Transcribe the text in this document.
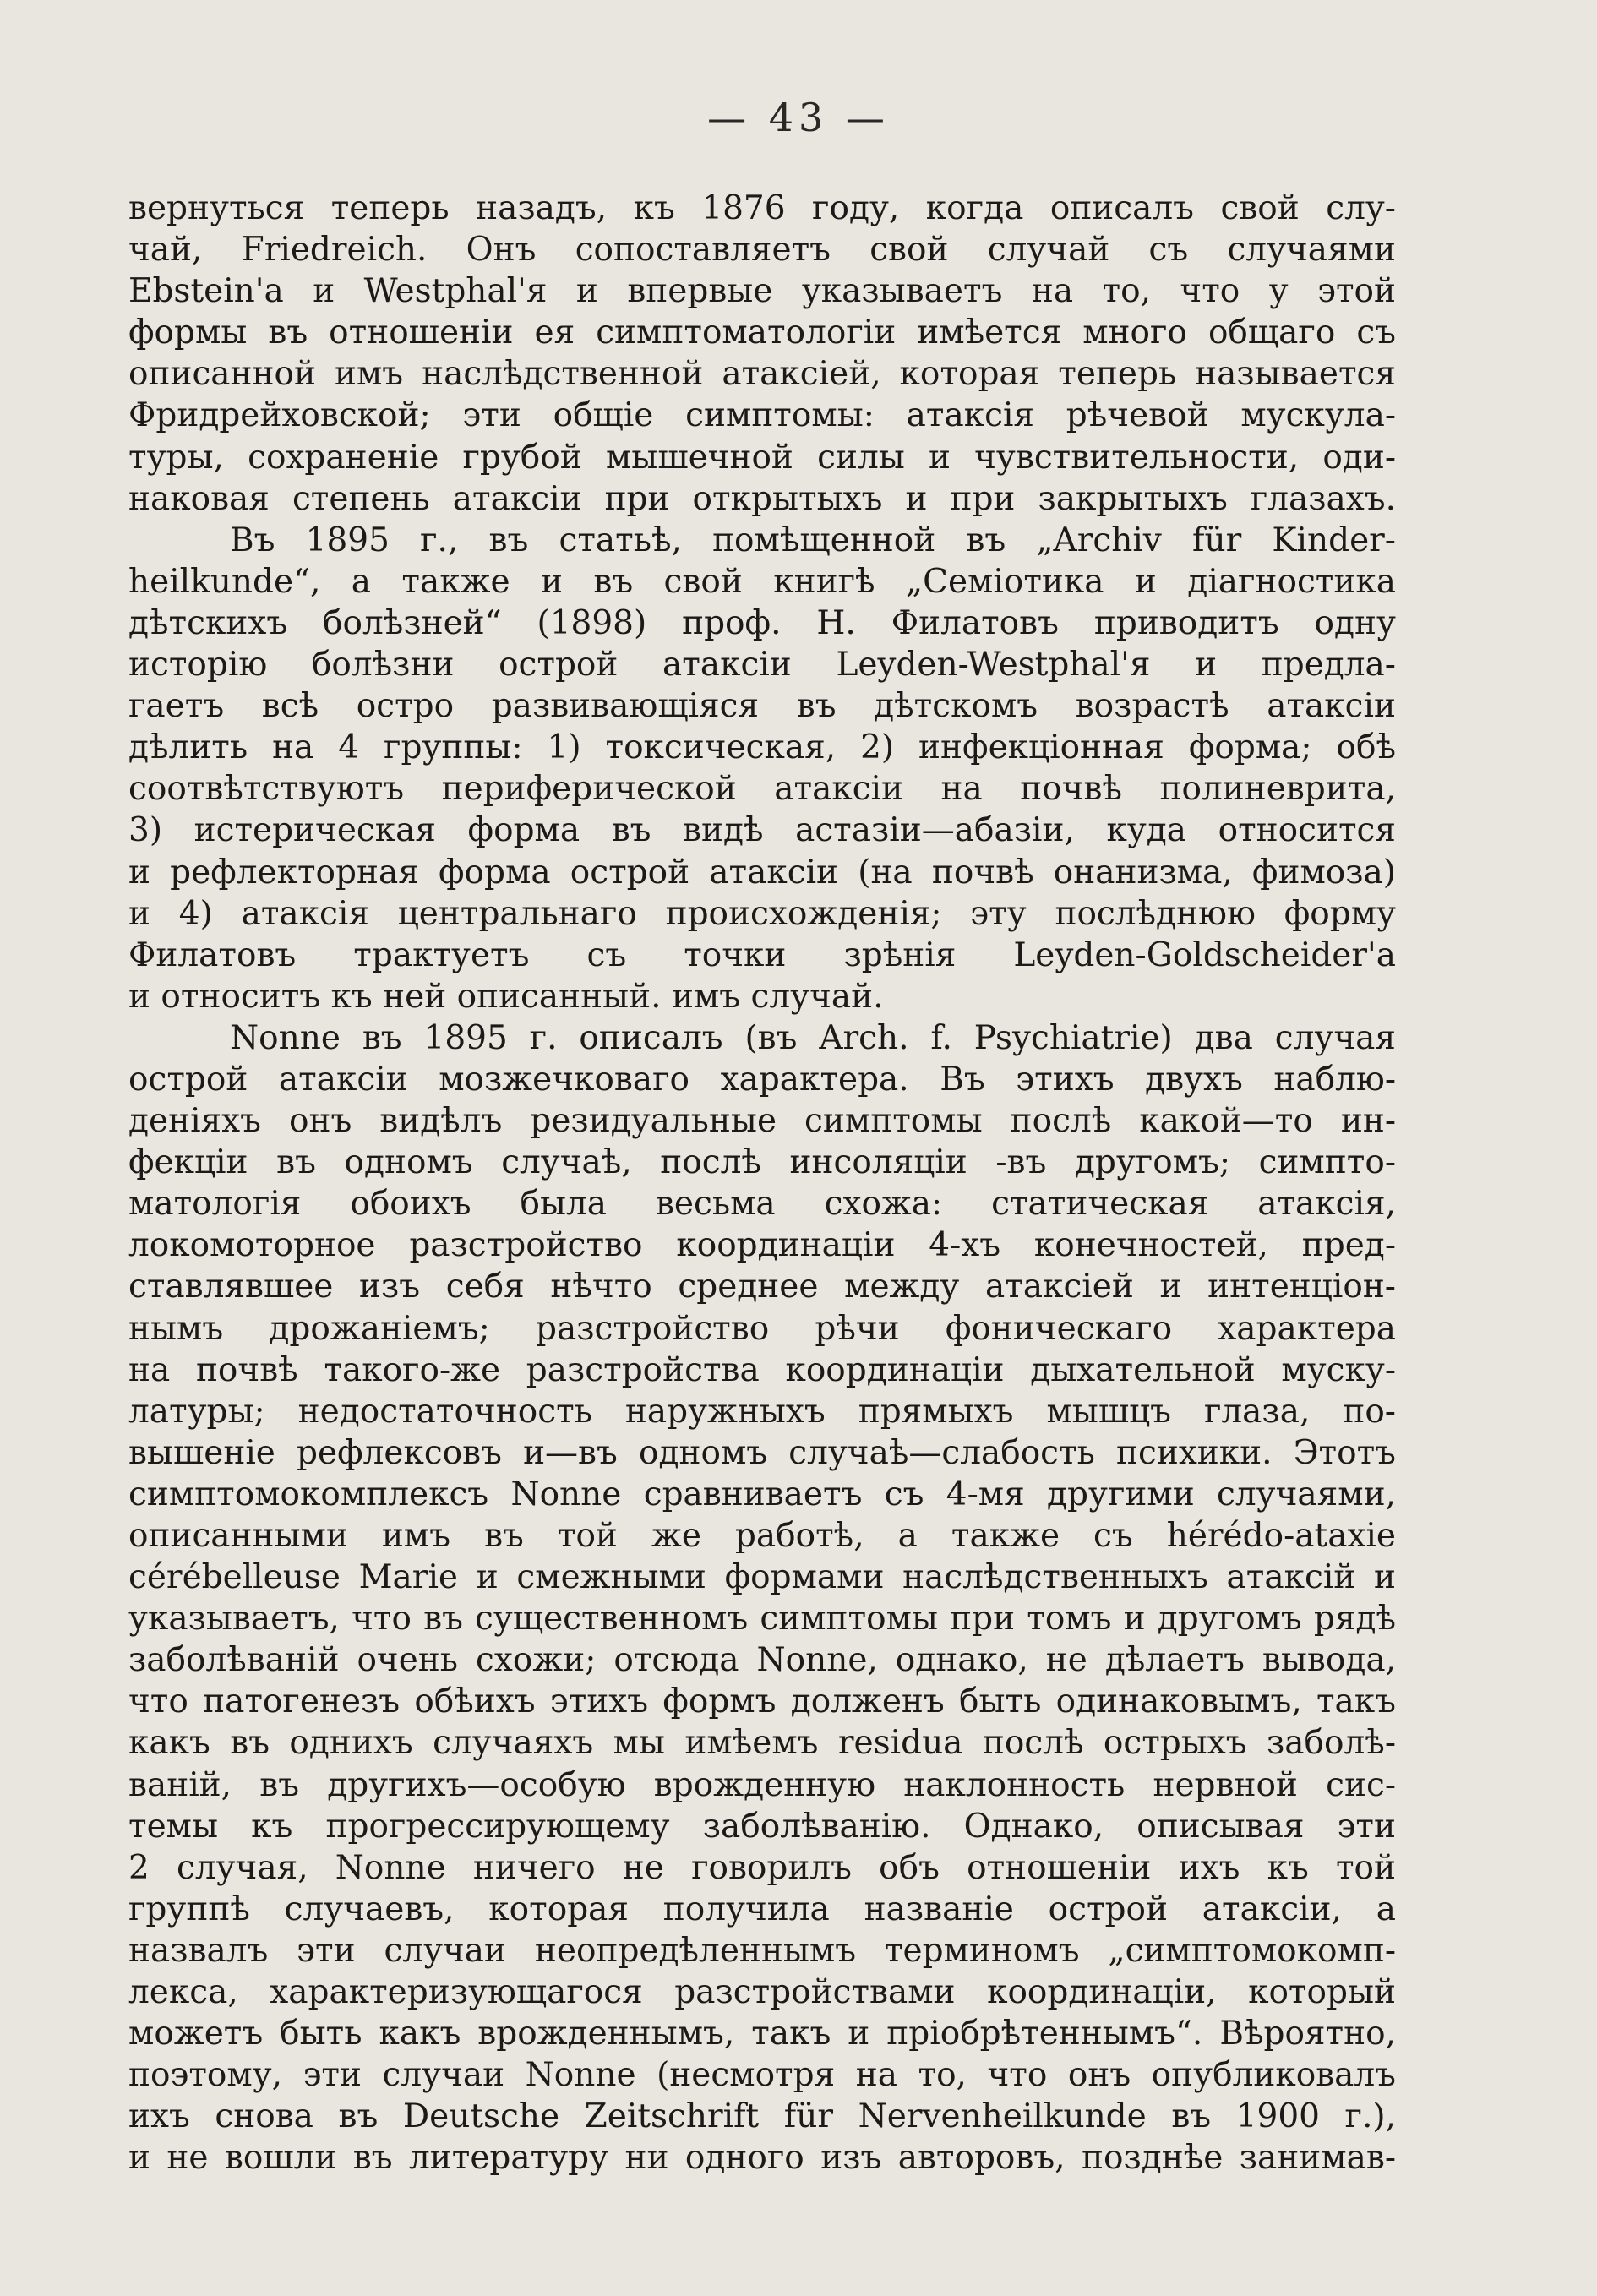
— 43 —
вернуться теперь назадъ, къ 1876 году, когда описалъ свой слу-
чай, Friedreich. Онъ сопоставляетъ свой случай съ случаями
Ebstein'a и Westphal'я и впервые указываетъ на то, что у этой
формы въ отношеніи ея симптоматологіи имѣется много общаго съ
описанной имъ наслѣдственной атаксіей, которая теперь называется
Фридрейховской; эти общіе симптомы: атаксія рѣчевой мускула-
туры, сохраненіе грубой мышечной силы и чувствительности, оди-
наковая степень атаксіи при открытыхъ и при закрытыхъ глазахъ.
Въ 1895 г., въ статьѣ, помѣщенной въ „Archiv für Kinder-
heilkunde“, а также и въ свой книгѣ „Семіотика и діагностика
дѣтскихъ болѣзней“ (1898) проф. Н. Филатовъ приводитъ одну
исторію болѣзни острой атаксіи Leyden-Westphal'я и предла-
гаетъ всѣ остро развивающіяся въ дѣтскомъ возрастѣ атаксіи
дѣлить на 4 группы: 1) токсическая, 2) инфекціонная форма; обѣ
соотвѣтствуютъ периферической атаксіи на почвѣ полиневрита,
3) истерическая форма въ видѣ астазіи—абазіи, куда относится
и рефлекторная форма острой атаксіи (на почвѣ онанизма, фимоза)
и 4) атаксія центральнаго происхожденія; эту послѣднюю форму
Филатовъ трактуетъ съ точки зрѣнія Leyden-Goldscheider'а
и относитъ къ ней описанный. имъ случай.
Nonne въ 1895 г. описалъ (въ Arch. f. Psychiatrie) два случая
острой атаксіи мозжечковаго характера. Въ этихъ двухъ наблю-
деніяхъ онъ видѣлъ резидуальные симптомы послѣ какой—то ин-
фекціи въ одномъ случаѣ, послѣ инсоляціи -въ другомъ; симпто-
матологія обоихъ была весьма схожа: статическая атаксія,
локомоторное разстройство координаціи 4-хъ конечностей, пред-
ставлявшее изъ себя нѣчто среднее между атаксіей и интенціон-
нымъ дрожаніемъ; разстройство рѣчи фоническаго характера
на почвѣ такого-же разстройства координаціи дыхательной муску-
латуры; недостаточность наружныхъ прямыхъ мышцъ глаза, по-
вышеніе рефлексовъ и—въ одномъ случаѣ—слабость психики. Этотъ
симптомокомплексъ Nonne сравниваетъ съ 4-мя другими случаями,
описанными имъ въ той же работѣ, а также съ hérédo-ataxie
cérébelleuse Marie и смежными формами наслѣдственныхъ атаксій и
указываетъ, что въ существенномъ симптомы при томъ и другомъ рядѣ
заболѣваній очень схожи; отсюда Nonne, однако, не дѣлаетъ вывода,
что патогенезъ обѣихъ этихъ формъ долженъ быть одинаковымъ, такъ
какъ въ однихъ случаяхъ мы имѣемъ residua послѣ острыхъ заболѣ-
ваній, въ другихъ—особую врожденную наклонность нервной сис-
темы къ прогрессирующему заболѣванію. Однако, описывая эти
2 случая, Nonne ничего не говорилъ объ отношеніи ихъ къ той
группѣ случаевъ, которая получила названіе острой атаксіи, а
назвалъ эти случаи неопредѣленнымъ терминомъ „симптомокомп-
лекса, характеризующагося разстройствами координаціи, который
можетъ быть какъ врожденнымъ, такъ и пріобрѣтеннымъ“. Вѣроятно,
поэтому, эти случаи Nonne (несмотря на то, что онъ опубликовалъ
ихъ снова въ Deutsche Zeitschrift für Nervenheilkunde въ 1900 г.),
и не вошли въ литературу ни одного изъ авторовъ, позднѣе занимав-
